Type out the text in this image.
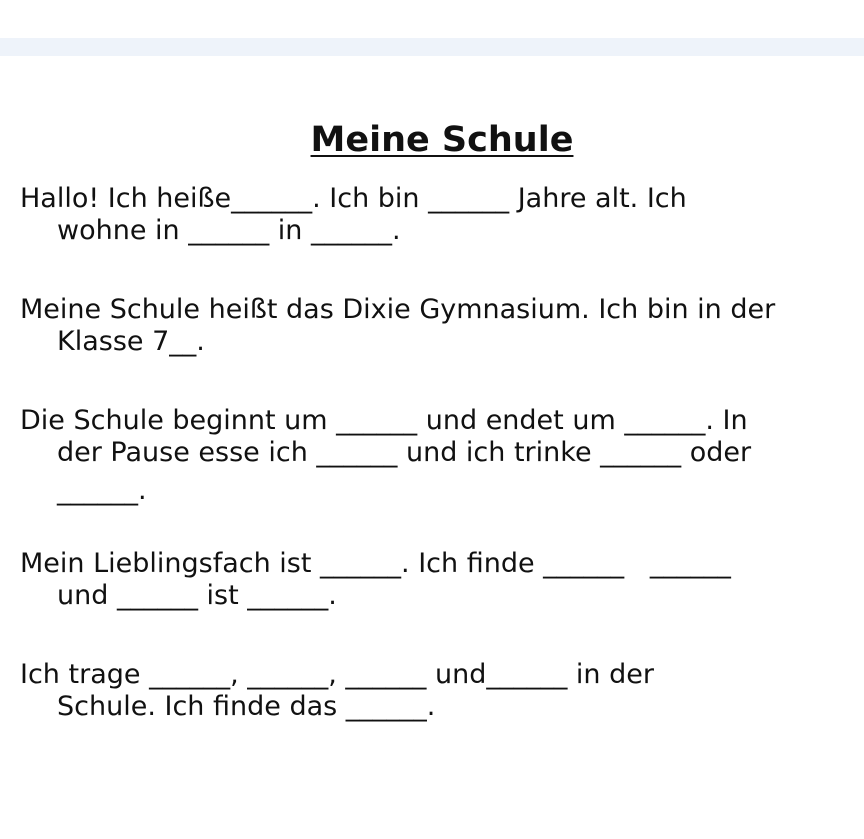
Meine Schule
Hallo! Ich heiße______. Ich bin ______ Jahre alt. Ich
wohne in ______ in ______.
Meine Schule heißt das Dixie Gymnasium. Ich bin in der
Klasse 7__.
Die Schule beginnt um ______ und endet um ______. In
der Pause esse ich ______ und ich trinke ______ oder
______.
Mein Lieblingsfach ist ______. Ich finde ______   ______
und ______ ist ______.
Ich trage ______, ______, ______ und______ in der
Schule. Ich finde das ______.
